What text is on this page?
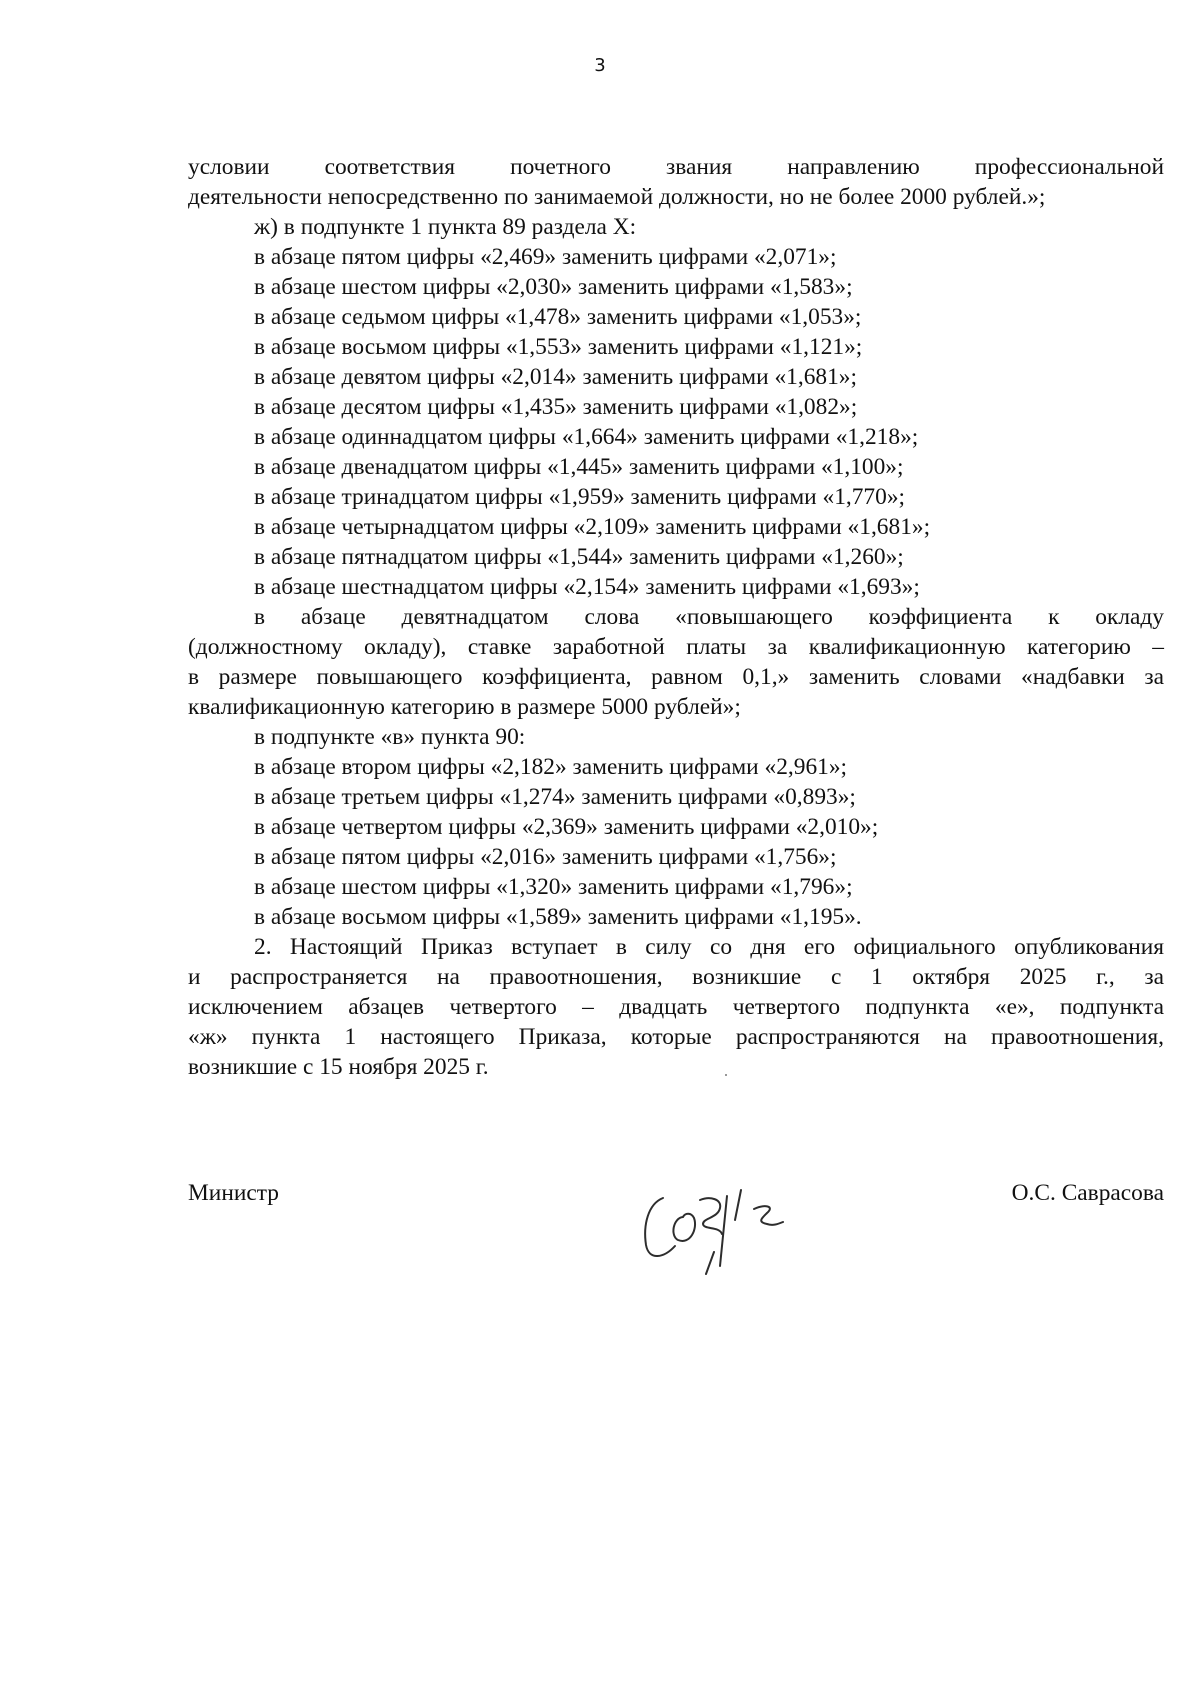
3
условии соответствия почетного звания направлению профессиональной
деятельности непосредственно по занимаемой должности, но не более 2000 рублей.»;
ж) в подпункте 1 пункта 89 раздела X:
в абзаце пятом цифры «2,469» заменить цифрами «2,071»;
в абзаце шестом цифры «2,030» заменить цифрами «1,583»;
в абзаце седьмом цифры «1,478» заменить цифрами «1,053»;
в абзаце восьмом цифры «1,553» заменить цифрами «1,121»;
в абзаце девятом цифры «2,014» заменить цифрами «1,681»;
в абзаце десятом цифры «1,435» заменить цифрами «1,082»;
в абзаце одиннадцатом цифры «1,664» заменить цифрами «1,218»;
в абзаце двенадцатом цифры «1,445» заменить цифрами «1,100»;
в абзаце тринадцатом цифры «1,959» заменить цифрами «1,770»;
в абзаце четырнадцатом цифры «2,109» заменить цифрами «1,681»;
в абзаце пятнадцатом цифры «1,544» заменить цифрами «1,260»;
в абзаце шестнадцатом цифры «2,154» заменить цифрами «1,693»;
в абзаце девятнадцатом слова «повышающего коэффициента к окладу
(должностному окладу), ставке заработной платы за квалификационную категорию –
в размере повышающего коэффициента, равном 0,1,» заменить словами «надбавки за
квалификационную категорию в размере 5000 рублей»;
в подпункте «в» пункта 90:
в абзаце втором цифры «2,182» заменить цифрами «2,961»;
в абзаце третьем цифры «1,274» заменить цифрами «0,893»;
в абзаце четвертом цифры «2,369» заменить цифрами «2,010»;
в абзаце пятом цифры «2,016» заменить цифрами «1,756»;
в абзаце шестом цифры «1,320» заменить цифрами «1,796»;
в абзаце восьмом цифры «1,589» заменить цифрами «1,195».
2. Настоящий Приказ вступает в силу со дня его официального опубликования
и распространяется на правоотношения, возникшие с 1 октября 2025 г., за
исключением абзацев четвертого – двадцать четвертого подпункта «е», подпункта
«ж» пункта 1 настоящего Приказа, которые распространяются на правоотношения,
возникшие с 15 ноября 2025 г.
Министр	О.С. Саврасова
